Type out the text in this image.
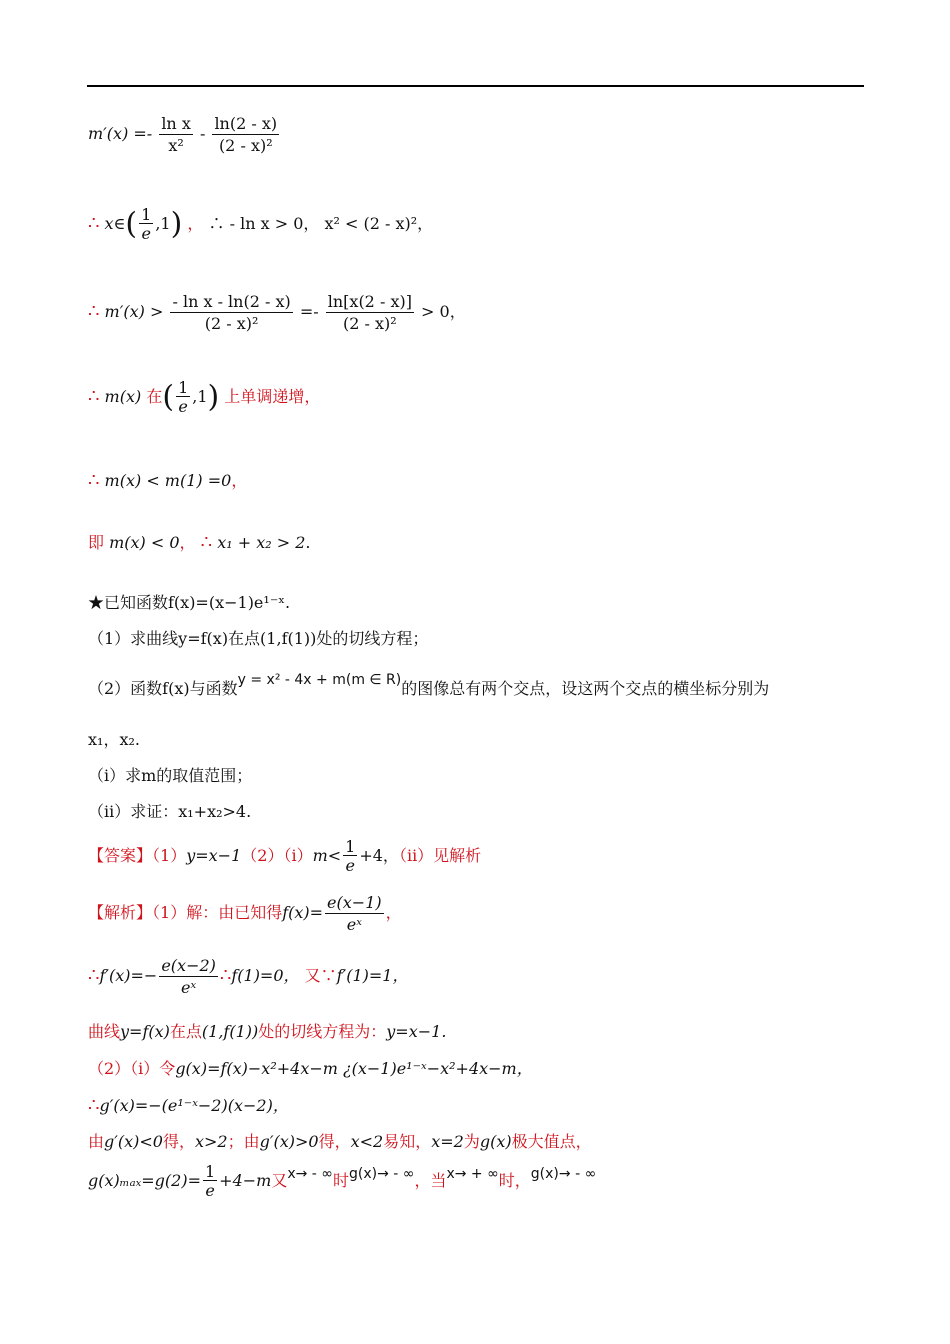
$m'(x) =- \frac{\text{ln x}}{\text{x²}} - \frac{\ln(2 - x)}{\text{(2 - x)²}}$
∴ x∈( $\frac{1}{e} ,1$) ， ∴ - ln x > 0， x² < (2 - x)²，
∴ $m'(x) > \frac{\text{- ln x - ln(2 - x)}}{\text{(2 - x)²}} =- \frac{\ln[x(2 - x)]}{\text{(2 - x)²}} > 0$，
∴ m(x) 在( $\frac{1}{e} ,1$) 上单调递增，
∴ m(x) < m(1) =0，
即 m(x) < 0， ∴ x₁ + x₂ > 2.
★已知函数f(x)=(x−1)e¹⁻ˣ.
（1）求曲线y=f(x)在点(1,f(1))处的切线方程；
（2）函数f(x)与函数y = x² - 4x + m(m ∈ R)的图像总有两个交点，设这两个交点的横坐标分别为
x₁，x₂.
（ⅰ）求m的取值范围；
（ⅱ）求证：x₁+x₂>4.
【答案】（1）y=x−1（2）（ⅰ）m< $\frac{1}{e} +4$，（ⅱ）见解析
【解析】（1）解：由已知得$f(x)= \frac{e(x-1)}{\text{eˣ}}$ ，
∴f′(x)=− $\frac{e(x-2)}{\text{eˣ}}$ ∴f(1)=0， 又∵f′(1)=1，
曲线y=f(x)在点(1,f(1))处的切线方程为：y=x−1.
（2）（ⅰ）令g(x)=f(x)−x²+4x−m ¿(x−1)e¹⁻ˣ−x²+4x−m，
∴g′(x)=−(e¹⁻ˣ−2)(x−2)，
由g′(x)<0得，x>2；由g′(x)>0得，x<2易知，x=2为g(x)极大值点，
$g(x)_{max}=g(2)= \frac{1}{e} +4-m$又x→ - ∞时g(x)→ - ∞，当x→ + ∞时，g(x)→ - ∞
